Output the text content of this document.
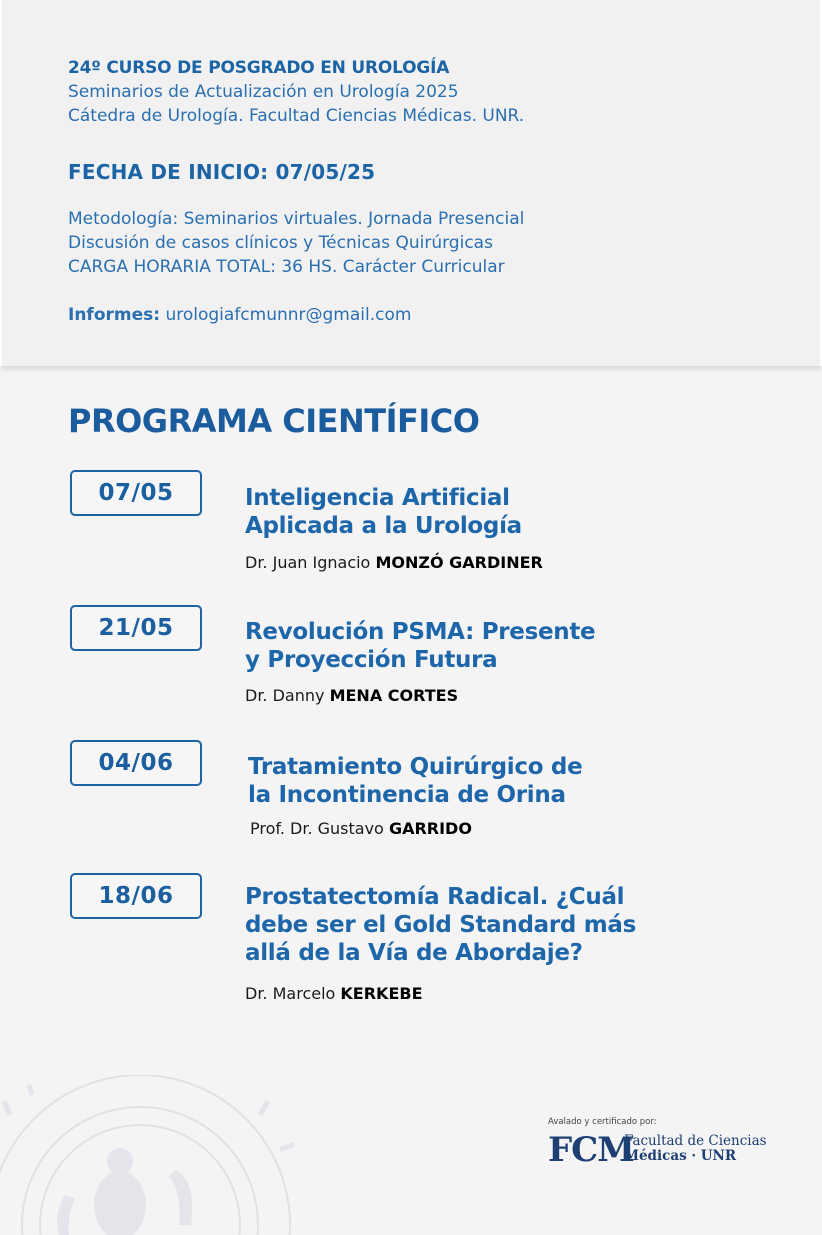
24º CURSO DE POSGRADO EN UROLOGÍA
Seminarios de Actualización en Urología 2025
Cátedra de Urología. Facultad Ciencias Médicas. UNR.
FECHA DE INICIO: 07/05/25
Metodología: Seminarios virtuales. Jornada Presencial
Discusión de casos clínicos y Técnicas Quirúrgicas
CARGA HORARIA TOTAL: 36 HS. Carácter Curricular
Informes: urologiafcmunnr@gmail.com
PROGRAMA CIENTÍFICO
07/05	Inteligencia Artificial
Aplicada a la Urología
Dr. Juan Ignacio MONZÓ GARDINER
21/05	Revolución PSMA: Presente
y Proyección Futura
Dr. Danny MENA CORTES
04/06	Tratamiento Quirúrgico de
la Incontinencia de Orina
Prof. Dr. Gustavo GARRIDO
18/06	Prostatectomía Radical. ¿Cuál
debe ser el Gold Standard más
allá de la Vía de Abordaje?
Dr. Marcelo KERKEBE
Avalado y certificado por:
FCM
Facultad de Ciencias
Médicas · UNR
